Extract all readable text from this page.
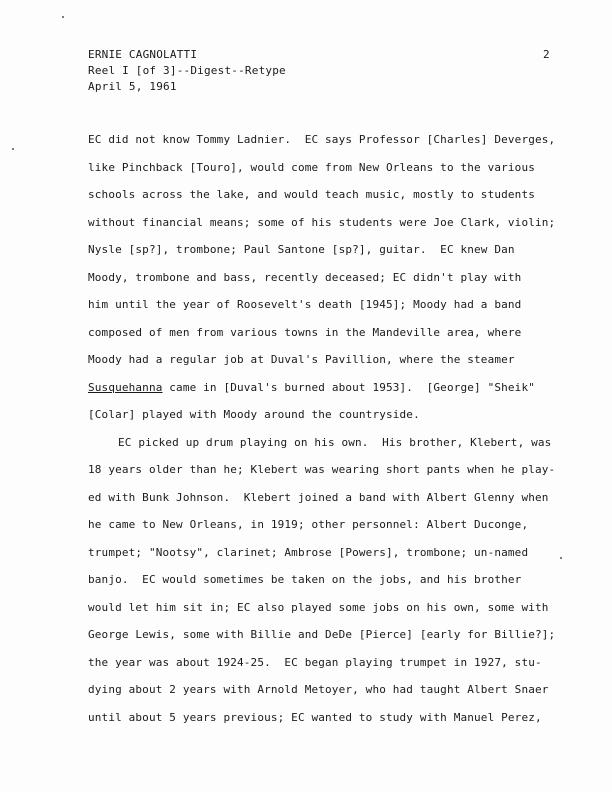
ERNIE CAGNOLATTI
Reel I [of 3]--Digest--Retype
April 5, 1961
2
EC did not know Tommy Ladnier.  EC says Professor [Charles] Deverges,
like Pinchback [Touro], would come from New Orleans to the various
schools across the lake, and would teach music, mostly to students
without financial means; some of his students were Joe Clark, violin;
Nysle [sp?], trombone; Paul Santone [sp?], guitar.  EC knew Dan
Moody, trombone and bass, recently deceased; EC didn't play with
him until the year of Roosevelt's death [1945]; Moody had a band
composed of men from various towns in the Mandeville area, where
Moody had a regular job at Duval's Pavillion, where the steamer
Susquehanna came in [Duval's burned about 1953].  [George] "Sheik"
[Colar] played with Moody around the countryside.
EC picked up drum playing on his own.  His brother, Klebert, was
18 years older than he; Klebert was wearing short pants when he play-
ed with Bunk Johnson.  Klebert joined a band with Albert Glenny when
he came to New Orleans, in 1919; other personnel: Albert Duconge,
trumpet; "Nootsy", clarinet; Ambrose [Powers], trombone; un-named
banjo.  EC would sometimes be taken on the jobs, and his brother
would let him sit in; EC also played some jobs on his own, some with
George Lewis, some with Billie and DeDe [Pierce] [early for Billie?];
the year was about 1924-25.  EC began playing trumpet in 1927, stu-
dying about 2 years with Arnold Metoyer, who had taught Albert Snaer
until about 5 years previous; EC wanted to study with Manuel Perez,
